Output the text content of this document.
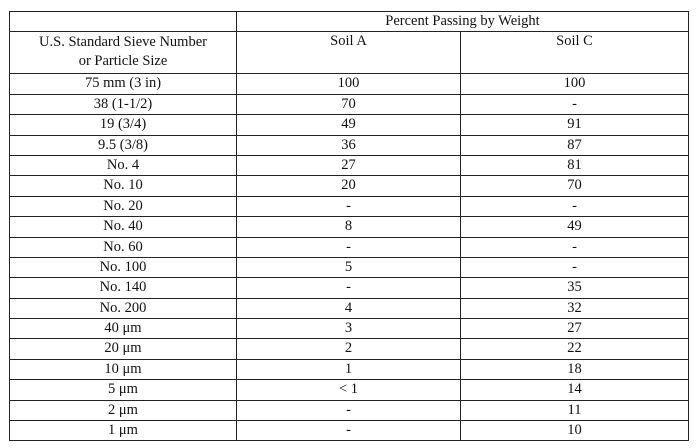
	Percent Passing by Weight	
U.S. Standard Sieve Number
or Particle Size	Soil A	Soil C
75 mm (3 in)	100	100
38 (1-1/2)	70	-
19 (3/4)	49	91
9.5 (3/8)	36	87
No. 4	27	81
No. 10	20	70
No. 20	-	-
No. 40	8	49
No. 60	-	-
No. 100	5	-
No. 140	-	35
No. 200	4	32
40 μm	3	27
20 μm	2	22
10 μm	1	18
5 μm	< 1	14
2 μm	-	11
1 μm	-	10
